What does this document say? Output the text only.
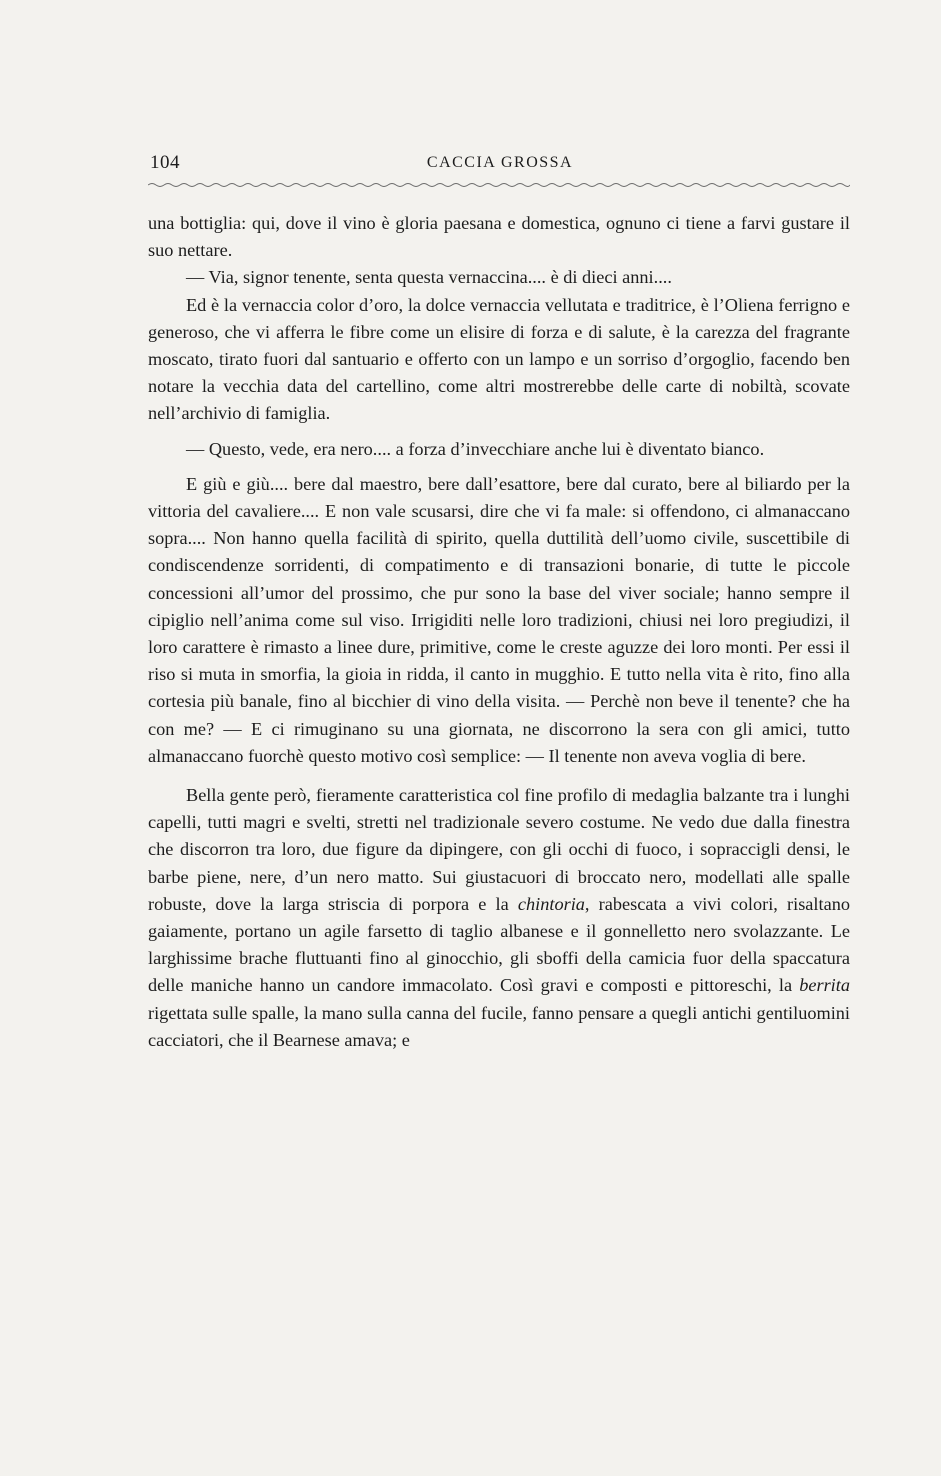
104	CACCIA GROSSA

una bottiglia: qui, dove il vino è gloria paesana e domestica, ognuno ci tiene a farvi gustare il suo nettare.

— Via, signor tenente, senta questa vernaccina.... è di dieci anni....

Ed è la vernaccia color d’oro, la dolce vernaccia vellutata e traditrice, è l’Oliena ferrigno e generoso, che vi afferra le fibre come un elisire di forza e di salute, è la carezza del fragrante moscato, tirato fuori dal santuario e offerto con un lampo e un sorriso d’orgoglio, facendo ben notare la vecchia data del cartellino, come altri mostrerebbe delle carte di nobiltà, scovate nell’archivio di famiglia.

— Questo, vede, era nero.... a forza d’invecchiare anche lui è diventato bianco.

E giù e giù.... bere dal maestro, bere dall’esattore, bere dal curato, bere al biliardo per la vittoria del cavaliere.... E non vale scusarsi, dire che vi fa male: si offendono, ci almanaccano sopra.... Non hanno quella facilità di spirito, quella duttilità dell’uomo civile, suscettibile di condiscendenze sorridenti, di compatimento e di transazioni bonarie, di tutte le piccole concessioni all’umor del prossimo, che pur sono la base del viver sociale; hanno sempre il cipiglio nell’anima come sul viso. Irrigiditi nelle loro tradizioni, chiusi nei loro pregiudizi, il loro carattere è rimasto a linee dure, primitive, come le creste aguzze dei loro monti. Per essi il riso si muta in smorfia, la gioia in ridda, il canto in mugghio. E tutto nella vita è rito, fino alla cortesia più banale, fino al bicchier di vino della visita. — Perchè non beve il tenente? che ha con me? — E ci rimuginano su una giornata, ne discorrono la sera con gli amici, tutto almanaccano fuorchè questo motivo così semplice: — Il tenente non aveva voglia di bere.

Bella gente però, fieramente caratteristica col fine profilo di medaglia balzante tra i lunghi capelli, tutti magri e svelti, stretti nel tradizionale severo costume. Ne vedo due dalla finestra che discorron tra loro, due figure da dipingere, con gli occhi di fuoco, i sopraccigli densi, le barbe piene, nere, d’un nero matto. Sui giustacuori di broccato nero, modellati alle spalle robuste, dove la larga striscia di porpora e la chintoria, rabescata a vivi colori, risaltano gaiamente, portano un agile farsetto di taglio albanese e il gonnelletto nero svolazzante. Le larghissime brache fluttuanti fino al ginocchio, gli sboffi della camicia fuor della spaccatura delle maniche hanno un candore immacolato. Così gravi e composti e pittoreschi, la berrita rigettata sulle spalle, la mano sulla canna del fucile, fanno pensare a quegli antichi gentiluomini cacciatori, che il Bearnese amava; e
